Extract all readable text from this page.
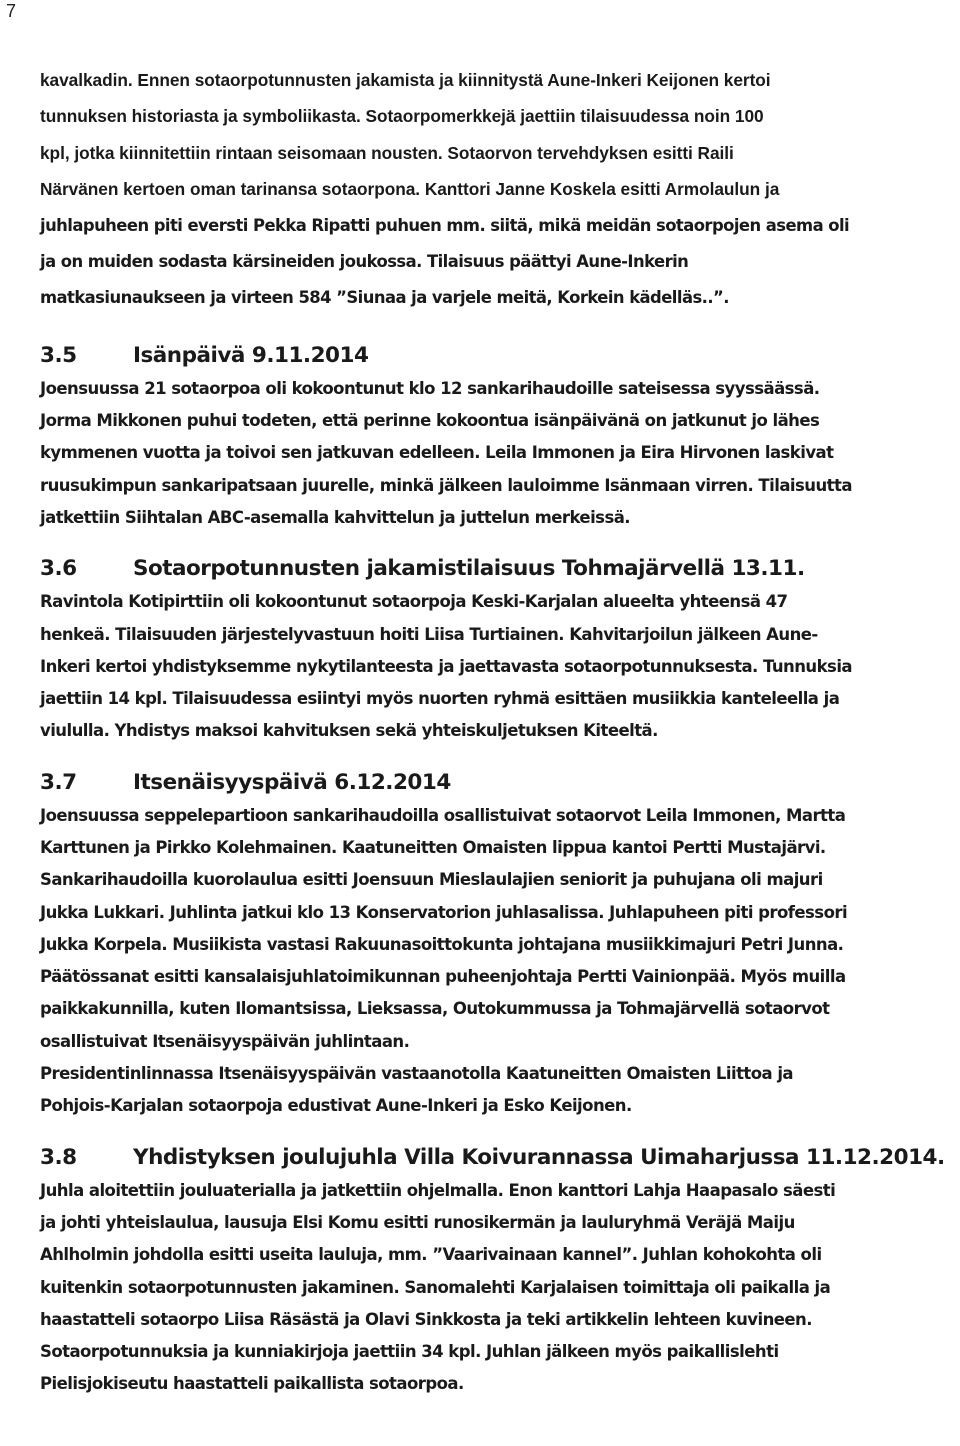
7
kavalkadin. Ennen sotaorpotunnusten jakamista ja kiinnitystä Aune-Inkeri Keijonen kertoi
tunnuksen historiasta ja symboliikasta. Sotaorpomerkkejä jaettiin tilaisuudessa noin 100
kpl, jotka kiinnitettiin rintaan seisomaan nousten. Sotaorvon tervehdyksen esitti Raili
Närvänen kertoen oman tarinansa sotaorpona. Kanttori Janne Koskela esitti Armolaulun ja
juhlapuheen piti eversti Pekka Ripatti puhuen mm. siitä, mikä meidän sotaorpojen asema oli
ja on muiden sodasta kärsineiden joukossa. Tilaisuus päättyi Aune-Inkerin
matkasiunaukseen ja virteen 584 ”Siunaa ja varjele meitä, Korkein kädelläs..”.
3.5	Isänpäivä 9.11.2014
Joensuussa 21 sotaorpoa oli kokoontunut klo 12 sankarihaudoille sateisessa syyssäässä.
Jorma Mikkonen puhui todeten, että perinne kokoontua isänpäivänä on jatkunut jo lähes
kymmenen vuotta ja toivoi sen jatkuvan edelleen. Leila Immonen ja Eira Hirvonen laskivat
ruusukimpun sankaripatsaan juurelle, minkä jälkeen lauloimme Isänmaan virren. Tilaisuutta
jatkettiin Siihtalan ABC-asemalla kahvittelun ja juttelun merkeissä.
3.6	Sotaorpotunnusten jakamistilaisuus Tohmajärvellä 13.11.
Ravintola Kotipirttiin oli kokoontunut sotaorpoja Keski-Karjalan alueelta yhteensä 47
henkeä. Tilaisuuden järjestelyvastuun hoiti Liisa Turtiainen. Kahvitarjoilun jälkeen Aune-
Inkeri kertoi yhdistyksemme nykytilanteesta ja jaettavasta sotaorpotunnuksesta. Tunnuksia
jaettiin 14 kpl. Tilaisuudessa esiintyi myös nuorten ryhmä esittäen musiikkia kanteleella ja
viululla. Yhdistys maksoi kahvituksen sekä yhteiskuljetuksen Kiteeltä.
3.7	Itsenäisyyspäivä 6.12.2014
Joensuussa seppelepartioon sankarihaudoilla osallistuivat sotaorvot Leila Immonen, Martta
Karttunen ja Pirkko Kolehmainen. Kaatuneitten Omaisten lippua kantoi Pertti Mustajärvi.
Sankarihaudoilla kuorolaulua esitti Joensuun Mieslaulajien seniorit ja puhujana oli majuri
Jukka Lukkari. Juhlinta jatkui klo 13 Konservatorion juhlasalissa. Juhlapuheen piti professori
Jukka Korpela. Musiikista vastasi Rakuunasoittokunta johtajana musiikkimajuri Petri Junna.
Päätössanat esitti kansalaisjuhlatoimikunnan puheenjohtaja Pertti Vainionpää. Myös muilla
paikkakunnilla, kuten Ilomantsissa, Lieksassa, Outokummussa ja Tohmajärvellä sotaorvot
osallistuivat Itsenäisyyspäivän juhlintaan.
Presidentinlinnassa Itsenäisyyspäivän vastaanotolla Kaatuneitten Omaisten Liittoa ja
Pohjois-Karjalan sotaorpoja edustivat Aune-Inkeri ja Esko Keijonen.
3.8	Yhdistyksen joulujuhla Villa Koivurannassa Uimaharjussa 11.12.2014.
Juhla aloitettiin jouluaterialla ja jatkettiin ohjelmalla. Enon kanttori Lahja Haapasalo säesti
ja johti yhteislaulua, lausuja Elsi Komu esitti runosikermän ja lauluryhmä Veräjä Maiju
Ahlholmin johdolla esitti useita lauluja, mm. ”Vaarivainaan kannel”. Juhlan kohokohta oli
kuitenkin sotaorpotunnusten jakaminen. Sanomalehti Karjalaisen toimittaja oli paikalla ja
haastatteli sotaorpo Liisa Räsästä ja Olavi Sinkkosta ja teki artikkelin lehteen kuvineen.
Sotaorpotunnuksia ja kunniakirjoja jaettiin 34 kpl. Juhlan jälkeen myös paikallislehti
Pielisjokiseutu haastatteli paikallista sotaorpoa.
